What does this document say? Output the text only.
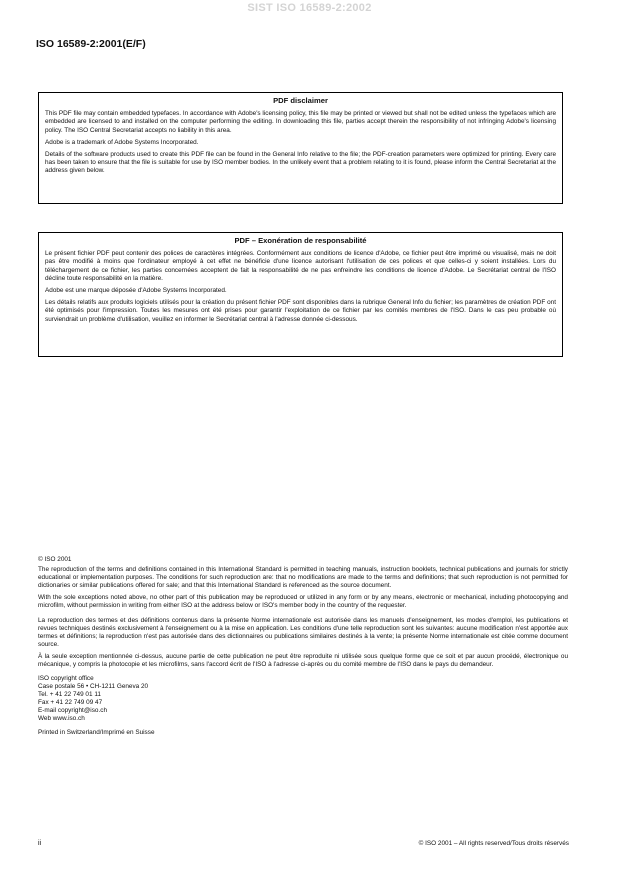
SIST ISO 16589-2:2002
ISO 16589-2:2001(E/F)
PDF disclaimer

This PDF file may contain embedded typefaces. In accordance with Adobe's licensing policy, this file may be printed or viewed but shall not be edited unless the typefaces which are embedded are licensed to and installed on the computer performing the editing. In downloading this file, parties accept therein the responsibility of not infringing Adobe's licensing policy. The ISO Central Secretariat accepts no liability in this area.

Adobe is a trademark of Adobe Systems Incorporated.

Details of the software products used to create this PDF file can be found in the General Info relative to the file; the PDF-creation parameters were optimized for printing. Every care has been taken to ensure that the file is suitable for use by ISO member bodies. In the unlikely event that a problem relating to it is found, please inform the Central Secretariat at the address given below.

PDF – Exonération de responsabilité

Le présent fichier PDF peut contenir des polices de caractères intégrées. Conformément aux conditions de licence d'Adobe, ce fichier peut être imprimé ou visualisé, mais ne doit pas être modifié à moins que l'ordinateur employé à cet effet ne bénéficie d'une licence autorisant l'utilisation de ces polices et que celles-ci y soient installées. Lors du téléchargement de ce fichier, les parties concernées acceptent de fait la responsabilité de ne pas enfreindre les conditions de licence d'Adobe. Le Secrétariat central de l'ISO décline toute responsabilité en la matière.

Adobe est une marque déposée d'Adobe Systems Incorporated.

Les détails relatifs aux produits logiciels utilisés pour la création du présent fichier PDF sont disponibles dans la rubrique General Info du fichier; les paramètres de création PDF ont été optimisés pour l'impression. Toutes les mesures ont été prises pour garantir l'exploitation de ce fichier par les comités membres de l'ISO. Dans le cas peu probable où surviendrait un problème d'utilisation, veuillez en informer le Secrétariat central à l'adresse donnée ci-dessous.

© ISO 2001

The reproduction of the terms and definitions contained in this International Standard is permitted in teaching manuals, instruction booklets, technical publications and journals for strictly educational or implementation purposes. The conditions for such reproduction are: that no modifications are made to the terms and definitions; that such reproduction is not permitted for dictionaries or similar publications offered for sale; and that this International Standard is referenced as the source document.

With the sole exceptions noted above, no other part of this publication may be reproduced or utilized in any form or by any means, electronic or mechanical, including photocopying and microfilm, without permission in writing from either ISO at the address below or ISO's member body in the country of the requester.

La reproduction des termes et des définitions contenus dans la présente Norme internationale est autorisée dans les manuels d'enseignement, les modes d'emploi, les publications et revues techniques destinés exclusivement à l'enseignement ou à la mise en application. Les conditions d'une telle reproduction sont les suivantes: aucune modification n'est apportée aux termes et définitions; la reproduction n'est pas autorisée dans des dictionnaires ou publications similaires destinés à la vente; la présente Norme internationale est citée comme document source.

À la seule exception mentionnée ci-dessus, aucune partie de cette publication ne peut être reproduite ni utilisée sous quelque forme que ce soit et par aucun procédé, électronique ou mécanique, y compris la photocopie et les microfilms, sans l'accord écrit de l'ISO à l'adresse ci-après ou du comité membre de l'ISO dans le pays du demandeur.

ISO copyright office
Case postale 56 • CH-1211 Geneva 20
Tel. + 41 22 749 01 11
Fax + 41 22 749 09 47
E-mail copyright@iso.ch
Web www.iso.ch

Printed in Switzerland/Imprimé en Suisse

ii	© ISO 2001 – All rights reserved/Tous droits réservés
